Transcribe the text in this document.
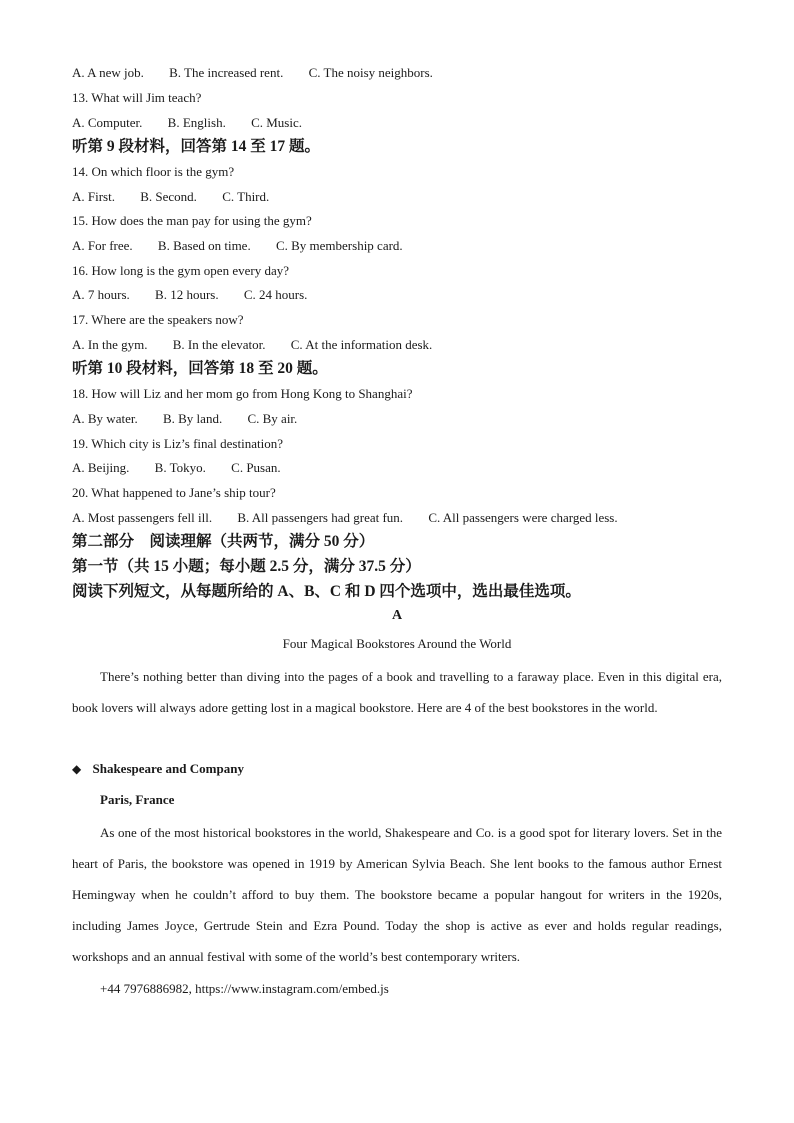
A. A new job. B. The increased rent. C. The noisy neighbors.
13. What will Jim teach?
A. Computer. B. English. C. Music.
听第 9 段材料，回答第 14 至 17 题。
14. On which floor is the gym?
A. First. B. Second. C. Third.
15. How does the man pay for using the gym?
A. For free. B. Based on time. C. By membership card.
16. How long is the gym open every day?
A. 7 hours. B. 12 hours. C. 24 hours.
17. Where are the speakers now?
A. In the gym. B. In the elevator. C. At the information desk.
听第 10 段材料，回答第 18 至 20 题。
18. How will Liz and her mom go from Hong Kong to Shanghai?
A. By water. B. By land. C. By air.
19. Which city is Liz’s final destination?
A. Beijing. B. Tokyo. C. Pusan.
20. What happened to Jane’s ship tour?
A. Most passengers fell ill. B. All passengers had great fun. C. All passengers were charged less.
第二部分　阅读理解（共两节，满分 50 分）
第一节（共 15 小题；每小题 2.5 分，满分 37.5 分）
阅读下列短文，从每题所给的 A、B、C 和 D 四个选项中，选出最佳选项。
A
Four Magical Bookstores Around the World
There’s nothing better than diving into the pages of a book and travelling to a faraway place. Even in this digital era, book lovers will always adore getting lost in a magical bookstore. Here are 4 of the best bookstores in the world.
◆ Shakespeare and Company
Paris, France
As one of the most historical bookstores in the world, Shakespeare and Co. is a good spot for literary lovers. Set in the heart of Paris, the bookstore was opened in 1919 by American Sylvia Beach. She lent books to the famous author Ernest Hemingway when he couldn’t afford to buy them. The bookstore became a popular hangout for writers in the 1920s, including James Joyce, Gertrude Stein and Ezra Pound. Today the shop is active as ever and holds regular readings, workshops and an annual festival with some of the world’s best contemporary writers.
+44 7976886982, https://www.instagram.com/embed.js
